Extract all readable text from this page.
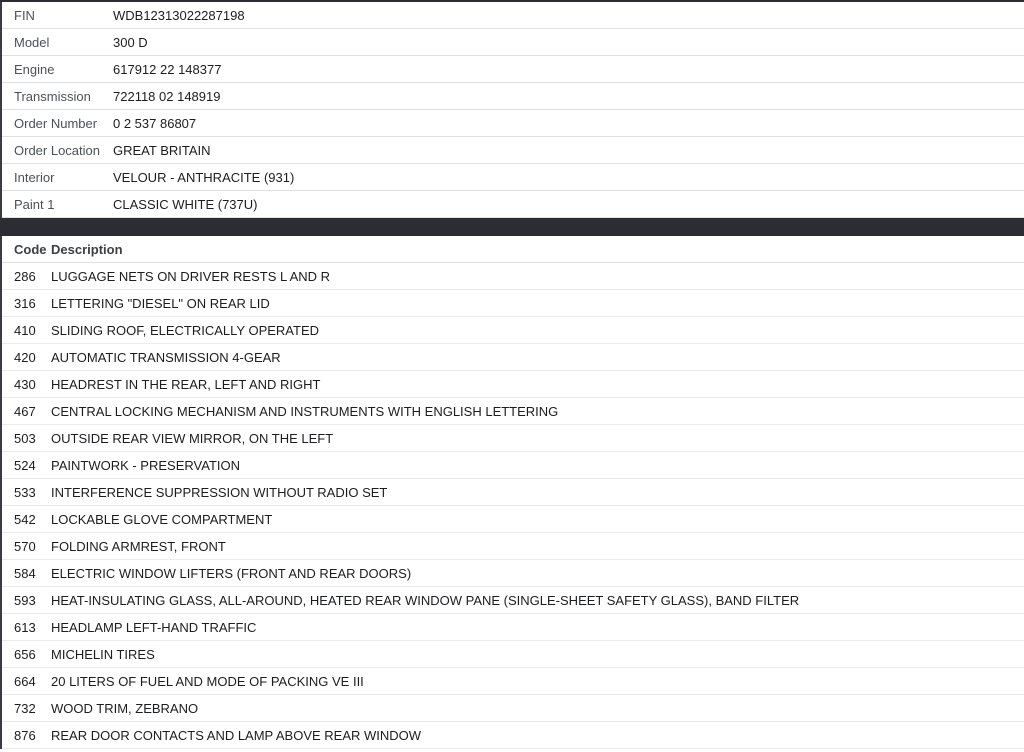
FIN	WDB12313022287198
Model	300 D
Engine	617912 22 148377
Transmission	722118 02 148919
Order Number	0 2 537 86807
Order Location	GREAT BRITAIN
Interior	VELOUR - ANTHRACITE (931)
Paint 1	CLASSIC WHITE (737U)
Code Description
286	LUGGAGE NETS ON DRIVER RESTS L AND R
316	LETTERING "DIESEL" ON REAR LID
410	SLIDING ROOF, ELECTRICALLY OPERATED
420	AUTOMATIC TRANSMISSION 4-GEAR
430	HEADREST IN THE REAR, LEFT AND RIGHT
467	CENTRAL LOCKING MECHANISM AND INSTRUMENTS WITH ENGLISH LETTERING
503	OUTSIDE REAR VIEW MIRROR, ON THE LEFT
524	PAINTWORK - PRESERVATION
533	INTERFERENCE SUPPRESSION WITHOUT RADIO SET
542	LOCKABLE GLOVE COMPARTMENT
570	FOLDING ARMREST, FRONT
584	ELECTRIC WINDOW LIFTERS (FRONT AND REAR DOORS)
593	HEAT-INSULATING GLASS, ALL-AROUND, HEATED REAR WINDOW PANE (SINGLE-SHEET SAFETY GLASS), BAND FILTER
613	HEADLAMP LEFT-HAND TRAFFIC
656	MICHELIN TIRES
664	20 LITERS OF FUEL AND MODE OF PACKING VE III
732	WOOD TRIM, ZEBRANO
876	REAR DOOR CONTACTS AND LAMP ABOVE REAR WINDOW
